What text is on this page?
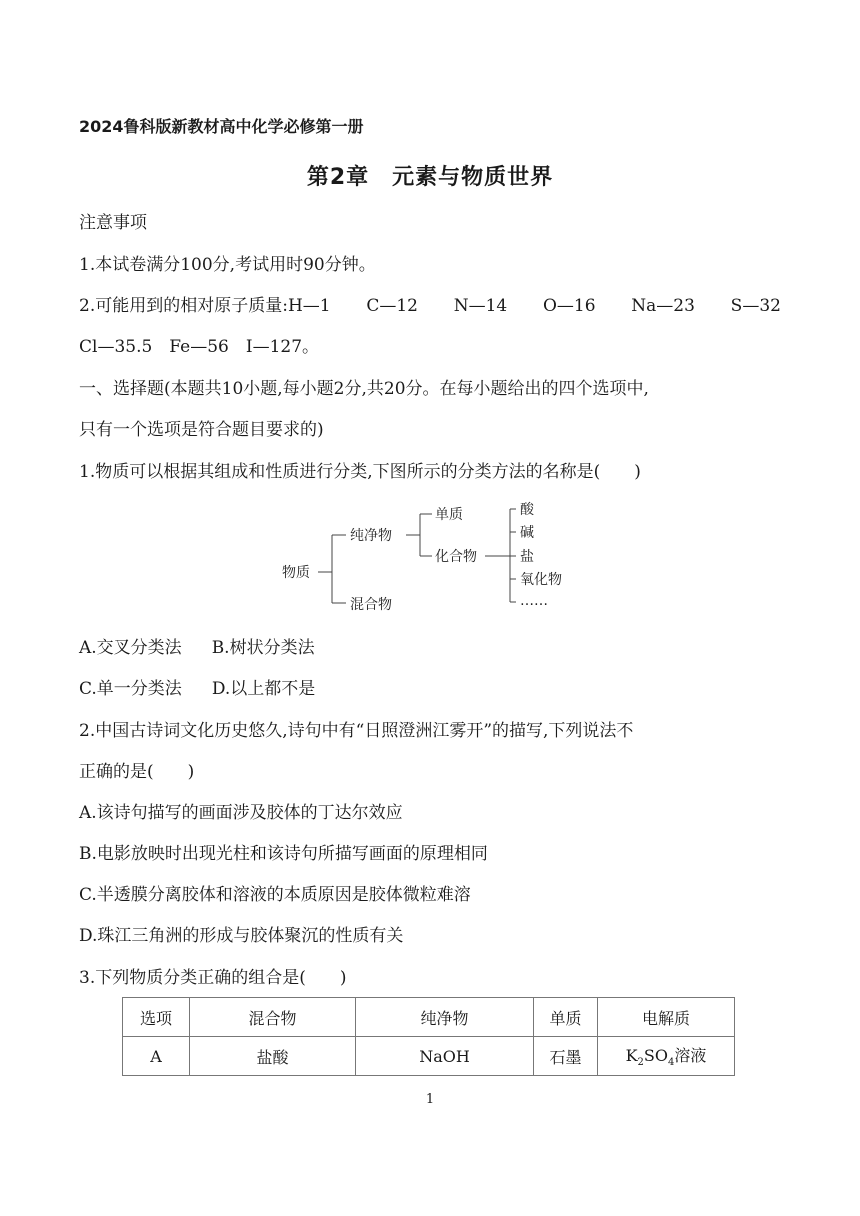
2024鲁科版新教材高中化学必修第一册
第2章　元素与物质世界
注意事项
1.本试卷满分100分,考试用时90分钟。
2.可能用到的相对原子质量:H—1 C—12 N—14 O—16 Na—23 S—32
Cl—35.5　Fe—56　I—127。
一、选择题(本题共10小题,每小题2分,共20分。在每小题给出的四个选项中,
只有一个选项是符合题目要求的)
1.物质可以根据其组成和性质进行分类,下图所示的分类方法的名称是(　　)
物质
纯净物
混合物
单质
化合物
酸
碱
盐
氧化物
……
A.交叉分类法 B.树状分类法
C.单一分类法 D.以上都不是
2.中国古诗词文化历史悠久,诗句中有“日照澄洲江雾开”的描写,下列说法不
正确的是(　　)
A.该诗句描写的画面涉及胶体的丁达尔效应
B.电影放映时出现光柱和该诗句所描写画面的原理相同
C.半透膜分离胶体和溶液的本质原因是胶体微粒难溶
D.珠江三角洲的形成与胶体聚沉的性质有关
3.下列物质分类正确的组合是(　　)
选项	混合物	纯净物	单质	电解质
A	盐酸	NaOH	石墨	$K_2SO_4$溶液
1
